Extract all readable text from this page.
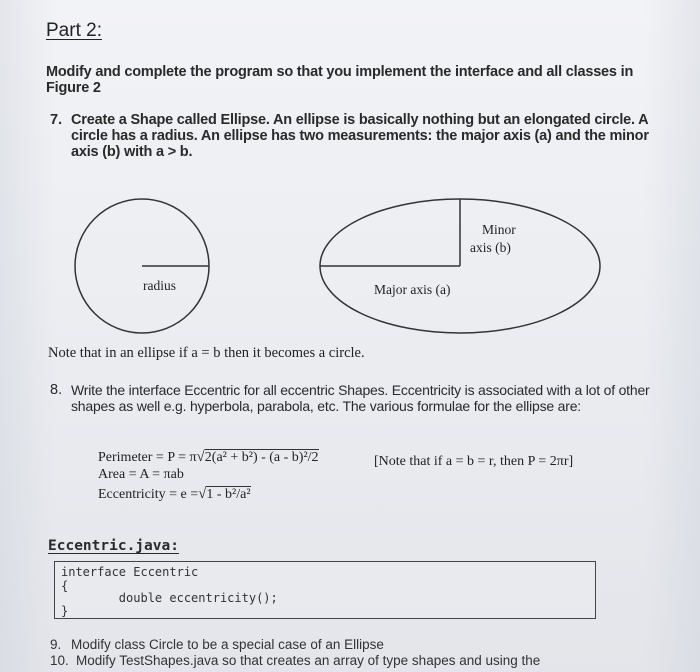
Part 2:
Modify and complete the program so that you implement the interface and all classes in Figure 2
7. Create a Shape called Ellipse. An ellipse is basically nothing but an elongated circle. A circle has a radius. An ellipse has two measurements: the major axis (a) and the minor axis (b) with a > b.
radius
Minor
axis (b)
Major axis (a)
Note that in an ellipse if a = b then it becomes a circle.
8. Write the interface Eccentric for all eccentric Shapes. Eccentricity is associated with a lot of other shapes as well e.g. hyperbola, parabola, etc. The various formulae for the ellipse are:
Perimeter = P = π√2(a² + b²) - (a - b)²/2	[Note that if a = b = r, then P = 2πr]
Area = A = πab
Eccentricity = e =√1 - b²/a²
Eccentric.java:
interface Eccentric
{
double eccentricity();
}
9. Modify class Circle to be a special case of an Ellipse
10. Modify TestShapes.java so that creates an array of type shapes and using the
